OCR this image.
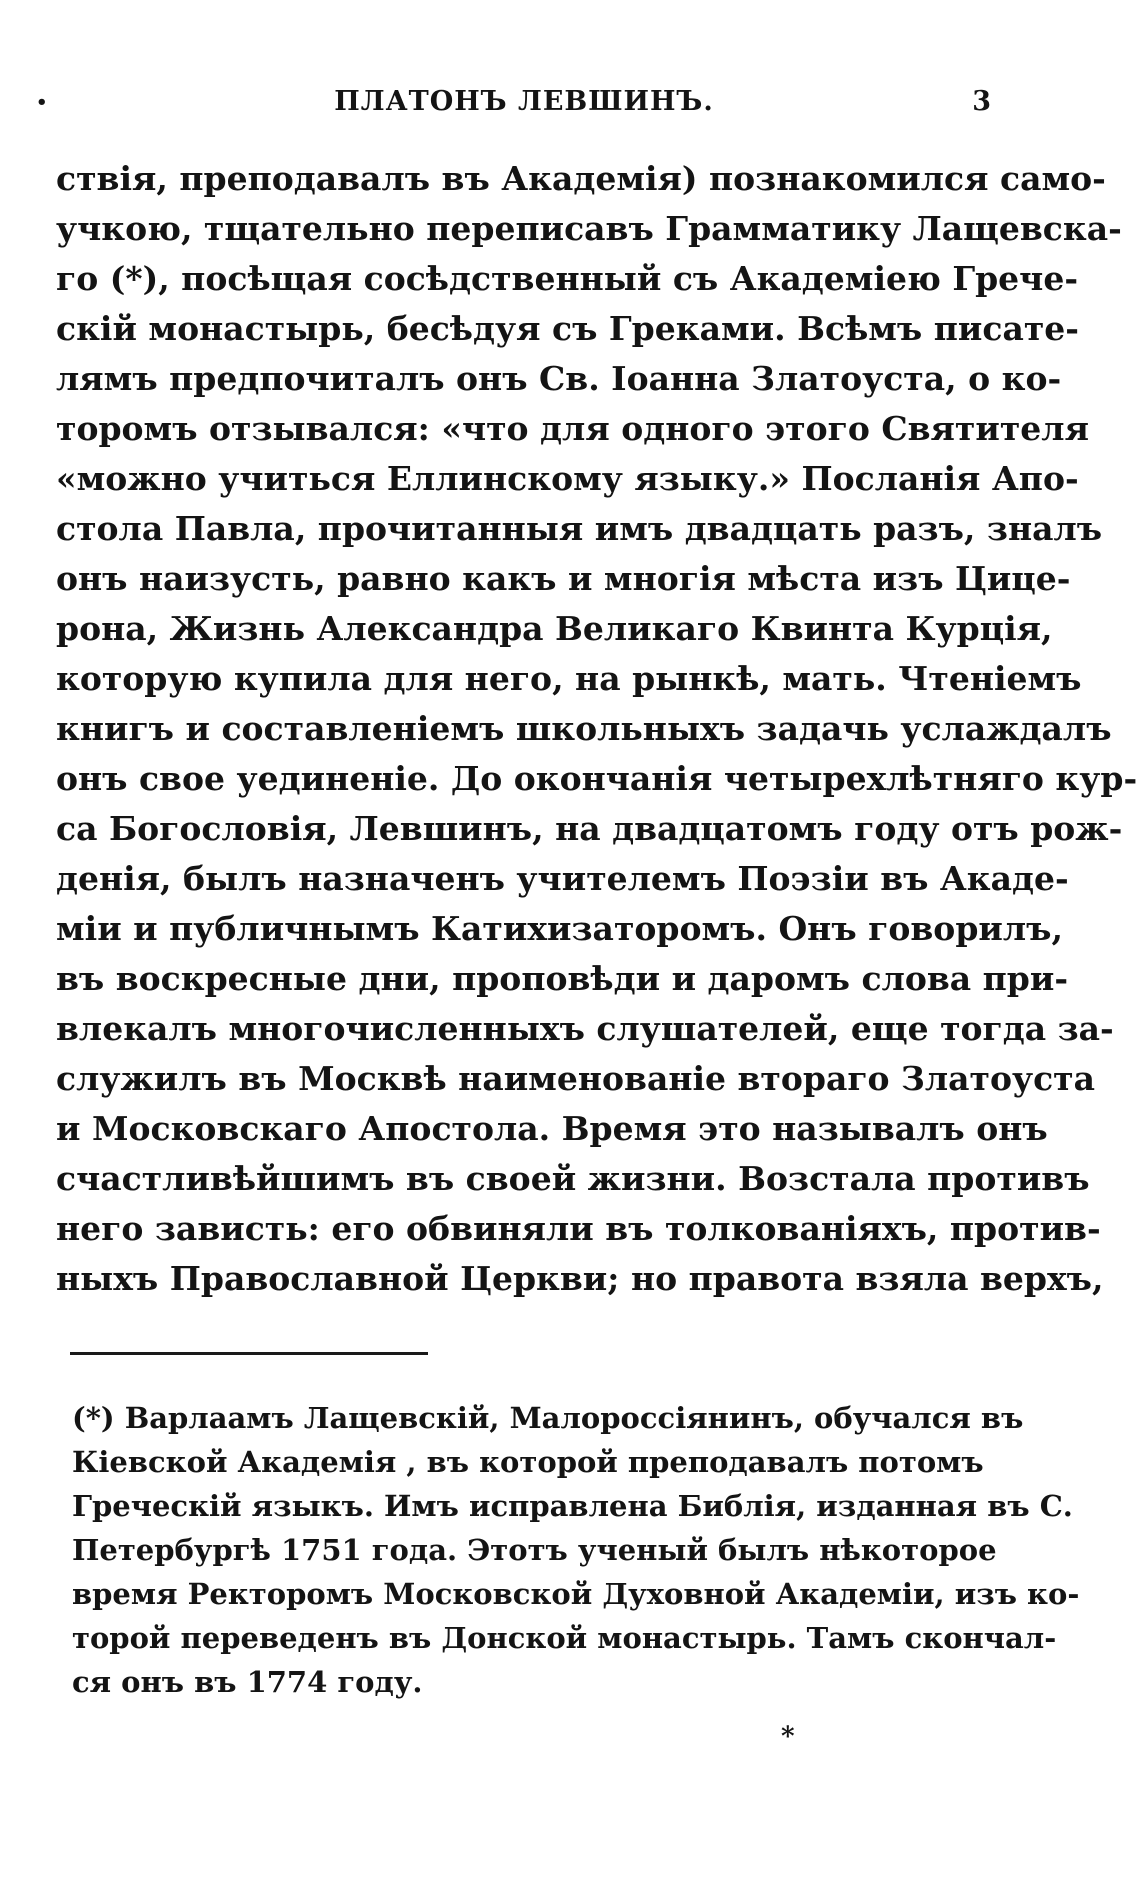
•	ПЛАТОНЪ ЛЕВШИНЪ.	3
ствія, преподавалъ въ Академія) познакомился само-
учкою, тщательно переписавъ Грамматику Лащевска-
го (*), посѣщая сосѣдственный съ Академіею Грече-
скій монастырь, бесѣдуя съ Греками. Всѣмъ писате-
лямъ предпочиталъ онъ Св. Іоанна Златоуста, о ко-
торомъ отзывался: «что для одного этого Святителя
«можно учиться Еллинскому языку.» Посланія Апо-
стола Павла, прочитанныя имъ двадцать разъ, зналъ
онъ наизусть, равно какъ и многія мѣста изъ Цице-
рона, Жизнь Александра Великаго Квинта Курція,
которую купила для него, на рынкѣ, мать. Чтеніемъ
книгъ и составленіемъ школьныхъ задачь услаждалъ
онъ свое уединеніе. До окончанія четырехлѣтняго кур-
са Богословія, Левшинъ, на двадцатомъ году отъ рож-
денія, былъ назначенъ учителемъ Поэзіи въ Акаде-
міи и публичнымъ Катихизаторомъ. Онъ говорилъ,
въ воскресные дни, проповѣди и даромъ слова при-
влекалъ многочисленныхъ слушателей, еще тогда за-
служилъ въ Москвѣ наименованіе втораго Златоуста
и Московскаго Апостола. Время это называлъ онъ
счастливѣйшимъ въ своей жизни. Возстала противъ
него зависть: его обвиняли въ толкованіяхъ, против-
ныхъ Православной Церкви; но правота взяла верхъ,
(*) Варлаамъ Лащевскій, Малороссіянинъ, обучался въ
Кіевской Академія , въ которой преподавалъ потомъ
Греческій языкъ. Имъ исправлена Библія, изданная въ С.
Петербургѣ 1751 года. Этотъ ученый былъ нѣкоторое
время Ректоромъ Московской Духовной Академіи, изъ ко-
торой переведенъ въ Донской монастырь. Тамъ скончал-
ся онъ въ 1774 году.
*
